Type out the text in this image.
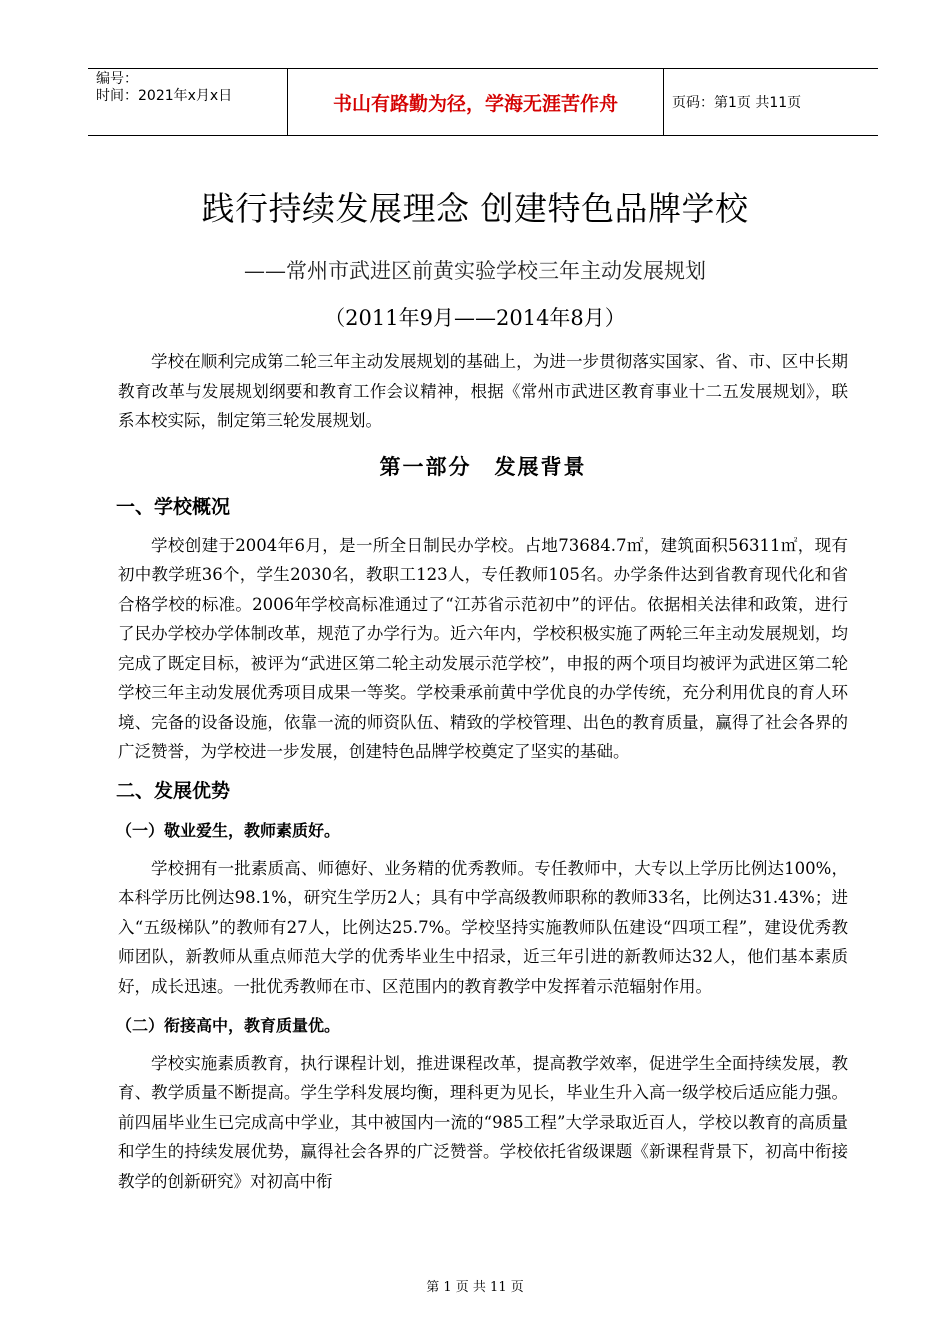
编号：
时间：2021年x月x日	书山有路勤为径，学海无涯苦作舟	页码：第1页 共11页
践行持续发展理念 创建特色品牌学校
——常州市武进区前黄实验学校三年主动发展规划
（2011年9月——2014年8月）

学校在顺利完成第二轮三年主动发展规划的基础上，为进一步贯彻落实国家、省、市、区中长期教育改革与发展规划纲要和教育工作会议精神，根据《常州市武进区教育事业十二五发展规划》，联系本校实际，制定第三轮发展规划。

第一部分　发展背景
一、学校概况

学校创建于2004年6月，是一所全日制民办学校。占地73684.7㎡，建筑面积56311㎡，现有初中教学班36个，学生2030名，教职工123人，专任教师105名。办学条件达到省教育现代化和省合格学校的标准。2006年学校高标准通过了“江苏省示范初中”的评估。依据相关法律和政策，进行了民办学校办学体制改革，规范了办学行为。近六年内，学校积极实施了两轮三年主动发展规划，均完成了既定目标，被评为“武进区第二轮主动发展示范学校”，申报的两个项目均被评为武进区第二轮学校三年主动发展优秀项目成果一等奖。学校秉承前黄中学优良的办学传统，充分利用优良的育人环境、完备的设备设施，依靠一流的师资队伍、精致的学校管理、出色的教育质量，赢得了社会各界的广泛赞誉，为学校进一步发展，创建特色品牌学校奠定了坚实的基础。

二、发展优势
（一）敬业爱生，教师素质好。

学校拥有一批素质高、师德好、业务精的优秀教师。专任教师中，大专以上学历比例达100%，本科学历比例达98.1%，研究生学历2人；具有中学高级教师职称的教师33名，比例达31.43%；进入“五级梯队”的教师有27人，比例达25.7%。学校坚持实施教师队伍建设“四项工程”，建设优秀教师团队，新教师从重点师范大学的优秀毕业生中招录，近三年引进的新教师达32人，他们基本素质好，成长迅速。一批优秀教师在市、区范围内的教育教学中发挥着示范辐射作用。

（二）衔接高中，教育质量优。

学校实施素质教育，执行课程计划，推进课程改革，提高教学效率，促进学生全面持续发展，教育、教学质量不断提高。学生学科发展均衡，理科更为见长，毕业生升入高一级学校后适应能力强。前四届毕业生已完成高中学业，其中被国内一流的“985工程”大学录取近百人，学校以教育的高质量和学生的持续发展优势，赢得社会各界的广泛赞誉。学校依托省级课题《新课程背景下，初高中衔接教学的创新研究》对初高中衔

第 1 页 共 11 页
